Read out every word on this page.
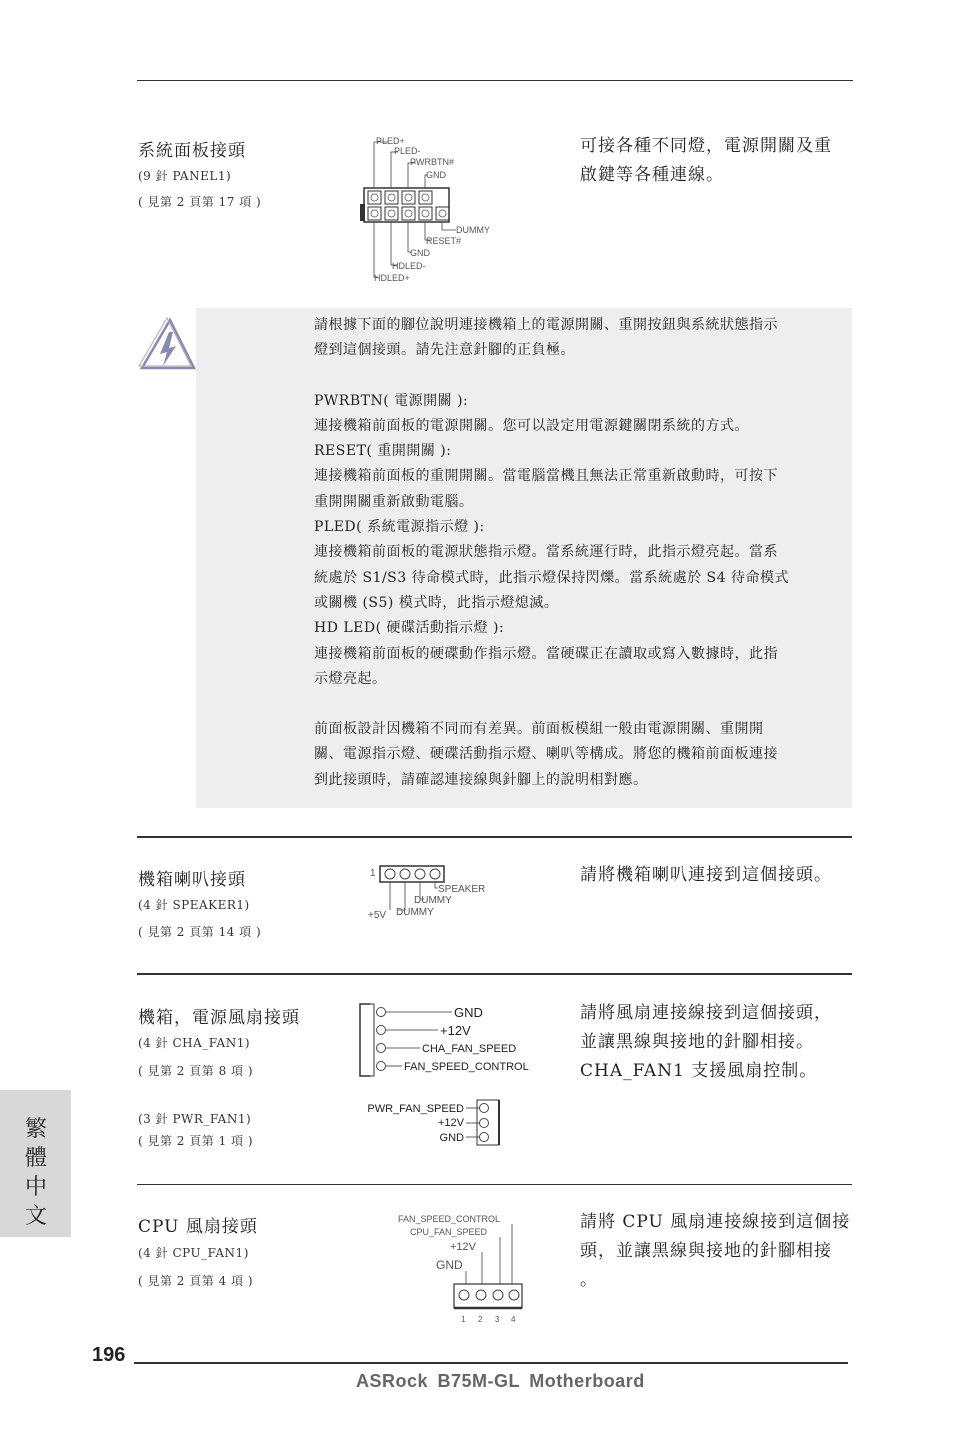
系統面板接頭
(9 針 PANEL1)
( 見第 2 頁第 17 項 )
PLED+
PLED-
PWRBTN#
GND
DUMMY
RESET#
GND
HDLED-
HDLED+
可接各種不同燈，電源開關及重
啟鍵等各種連線。

請根據下面的腳位說明連接機箱上的電源開關、重開按鈕與系統狀態指示

燈到這個接頭。請先注意針腳的正負極。

PWRBTN( 電源開關 ):

連接機箱前面板的電源開關。您可以設定用電源鍵關閉系統的方式。

RESET( 重開開關 ):

連接機箱前面板的重開開關。當電腦當機且無法正常重新啟動時，可按下

重開開關重新啟動電腦。

PLED( 系統電源指示燈 ):

連接機箱前面板的電源狀態指示燈。當系統運行時，此指示燈亮起。當系

統處於 S1/S3 待命模式時，此指示燈保持閃爍。當系統處於 S4 待命模式

或關機 (S5) 模式時，此指示燈熄滅。

HD LED( 硬碟活動指示燈 ):

連接機箱前面板的硬碟動作指示燈。當硬碟正在讀取或寫入數據時，此指

示燈亮起。

前面板設計因機箱不同而有差異。前面板模組一般由電源開關、重開開

關、電源指示燈、硬碟活動指示燈、喇叭等構成。將您的機箱前面板連接

到此接頭時，請確認連接線與針腳上的說明相對應。

機箱喇叭接頭
(4 針 SPEAKER1)
( 見第 2 頁第 14 項 )
1
SPEAKER
DUMMY
+5V DUMMY
請將機箱喇叭連接到這個接頭。
機箱，電源風扇接頭
(4 針 CHA_FAN1)
( 見第 2 頁第 8 項 )
(3 針 PWR_FAN1)
( 見第 2 頁第 1 項 )
GND
+12V
CHA_FAN_SPEED
FAN_SPEED_CONTROL
PWR_FAN_SPEED
+12V
GND
請將風扇連接線接到這個接頭，
並讓黑線與接地的針腳相接。
CHA_FAN1 支援風扇控制。
CPU 風扇接頭
(4 針 CPU_FAN1)
( 見第 2 頁第 4 項 )
FAN_SPEED_CONTROL
CPU_FAN_SPEED
+12V
GND
1 2 3 4
請將 CPU 風扇連接線接到這個接
頭，並讓黑線與接地的針腳相接
。
繁
體
中
文
196
ASRock B75M-GL Motherboard
